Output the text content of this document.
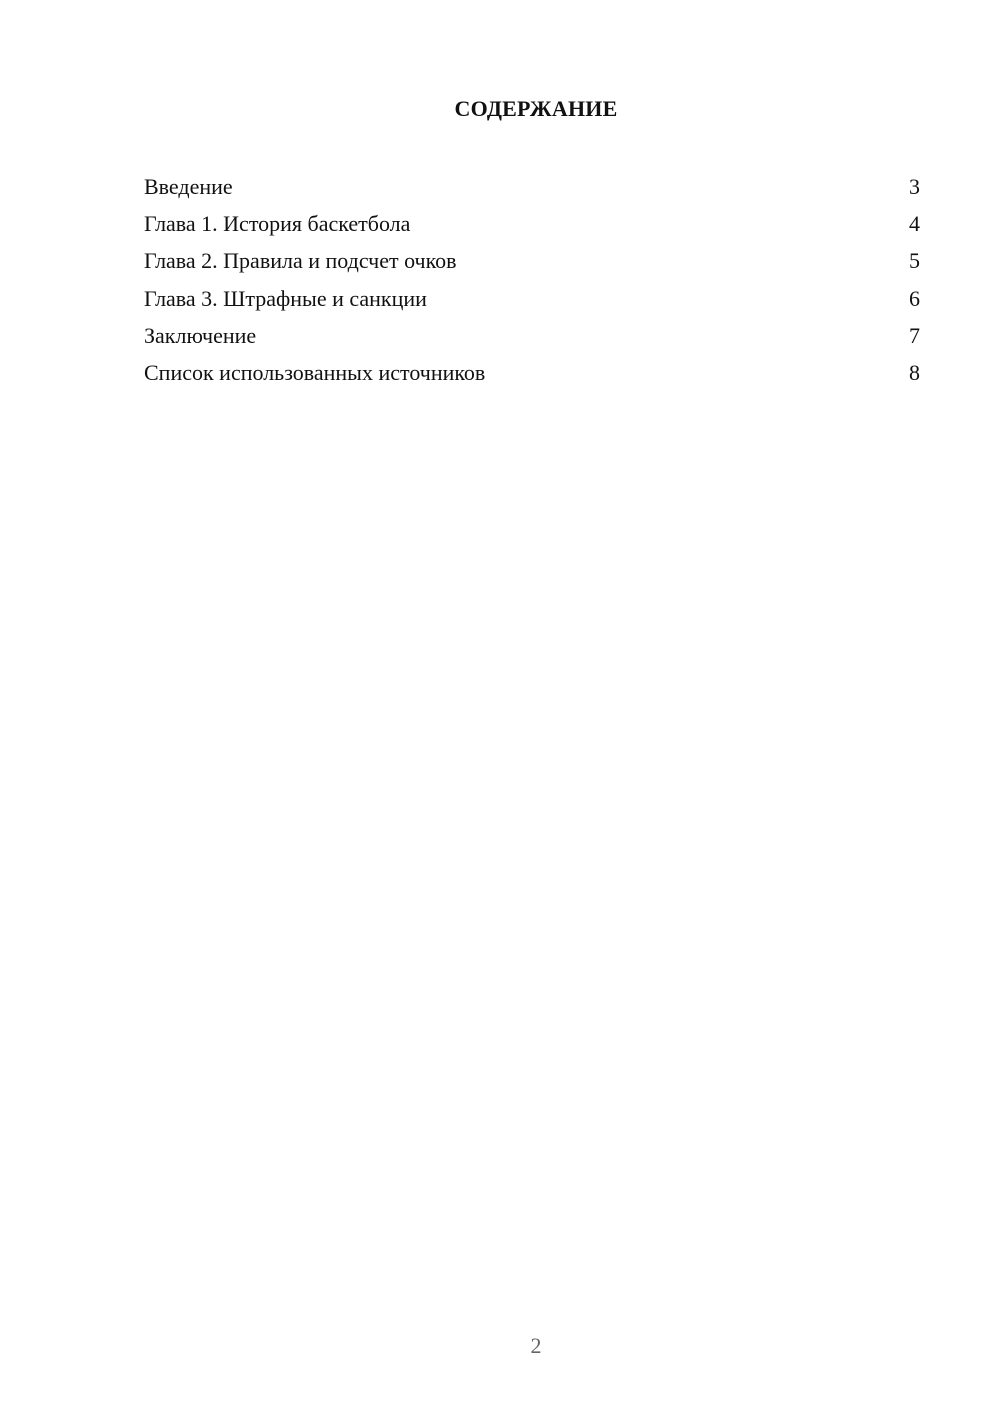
СОДЕРЖАНИЕ
Введение	3
Глава 1. История баскетбола	4
Глава 2. Правила и подсчет очков	5
Глава 3. Штрафные и санкции	6
Заключение	7
Список использованных источников	8
2
